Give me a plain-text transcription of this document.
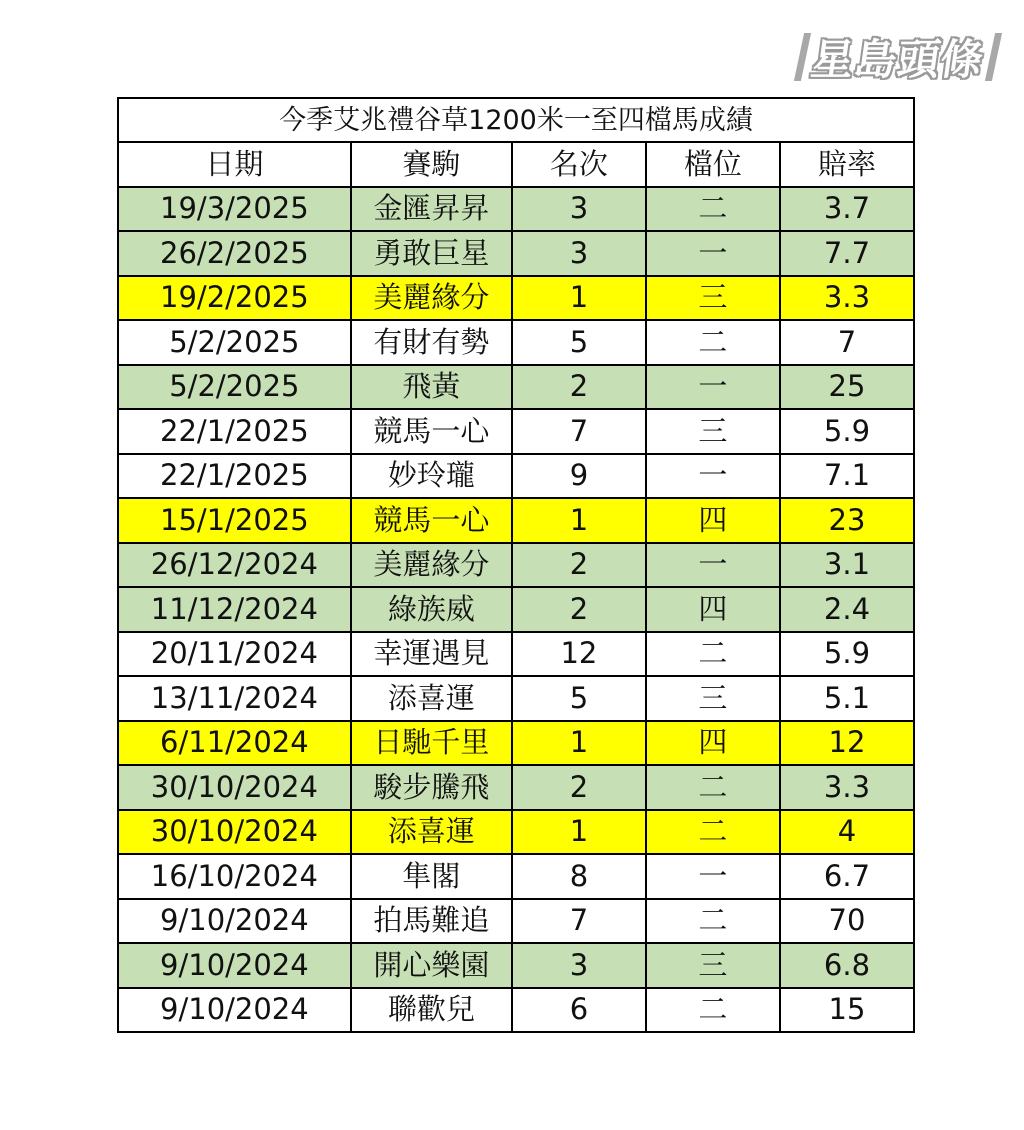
星島頭條
今季艾兆禮谷草1200米一至四檔馬成績				
日期	賽駒	名次	檔位	賠率
19/3/2025	金匯昇昇	3	二	3.7
26/2/2025	勇敢巨星	3	一	7.7
19/2/2025	美麗緣分	1	三	3.3
5/2/2025	有財有勢	5	二	7
5/2/2025	飛黃	2	一	25
22/1/2025	競馬一心	7	三	5.9
22/1/2025	妙玲瓏	9	一	7.1
15/1/2025	競馬一心	1	四	23
26/12/2024	美麗緣分	2	一	3.1
11/12/2024	綠族威	2	四	2.4
20/11/2024	幸運遇見	12	二	5.9
13/11/2024	添喜運	5	三	5.1
6/11/2024	日馳千里	1	四	12
30/10/2024	駿步騰飛	2	二	3.3
30/10/2024	添喜運	1	二	4
16/10/2024	隼閣	8	一	6.7
9/10/2024	拍馬難追	7	二	70
9/10/2024	開心樂園	3	三	6.8
9/10/2024	聯歡兒	6	二	15
